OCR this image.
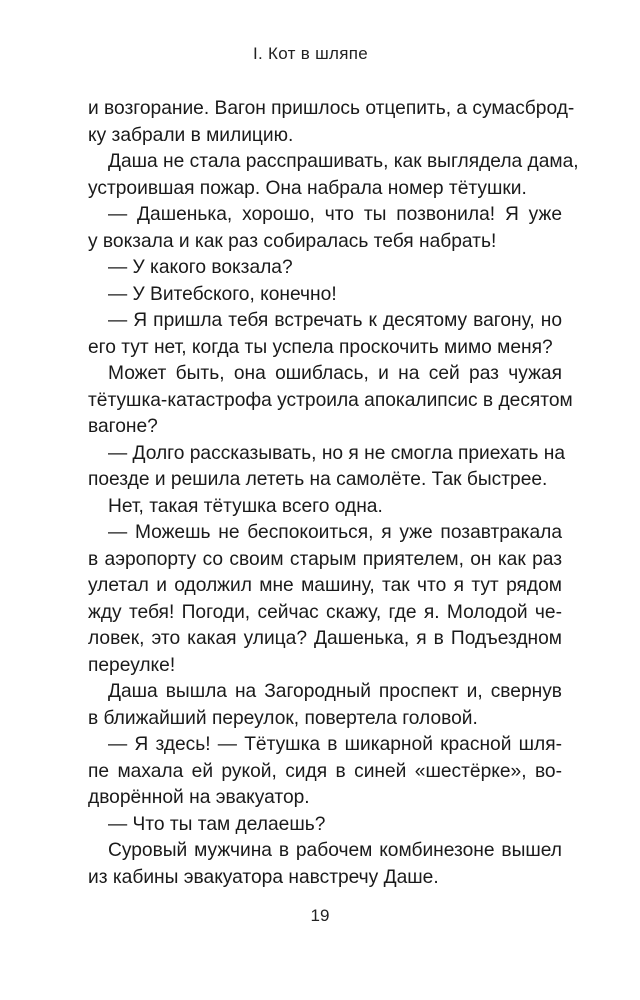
I. Кот в шляпе
и возгорание. Вагон пришлось отцепить, а сумасброд-
ку забрали в милицию.
Даша не стала расспрашивать, как выглядела дама,
устроившая пожар. Она набрала номер тётушки.
— Дашенька, хорошо, что ты позвонила! Я уже
у вокзала и как раз собиралась тебя набрать!
— У какого вокзала?
— У Витебского, конечно!
— Я пришла тебя встречать к десятому вагону, но
его тут нет, когда ты успела проскочить мимо меня?
Может быть, она ошиблась, и на сей раз чужая
тётушка-катастрофа устроила апокалипсис в десятом
вагоне?
— Долго рассказывать, но я не смогла приехать на
поезде и решила лететь на самолёте. Так быстрее.
Нет, такая тётушка всего одна.
— Можешь не беспокоиться, я уже позавтракала
в аэропорту со своим старым приятелем, он как раз
улетал и одолжил мне машину, так что я тут рядом
жду тебя! Погоди, сейчас скажу, где я. Молодой че-
ловек, это какая улица? Дашенька, я в Подъездном
переулке!
Даша вышла на Загородный проспект и, свернув
в ближайший переулок, повертела головой.
— Я здесь! — Тётушка в шикарной красной шля-
пе махала ей рукой, сидя в синей «шестёрке», во-
дворённой на эвакуатор.
— Что ты там делаешь?
Суровый мужчина в рабочем комбинезоне вышел
из кабины эвакуатора навстречу Даше.
19
